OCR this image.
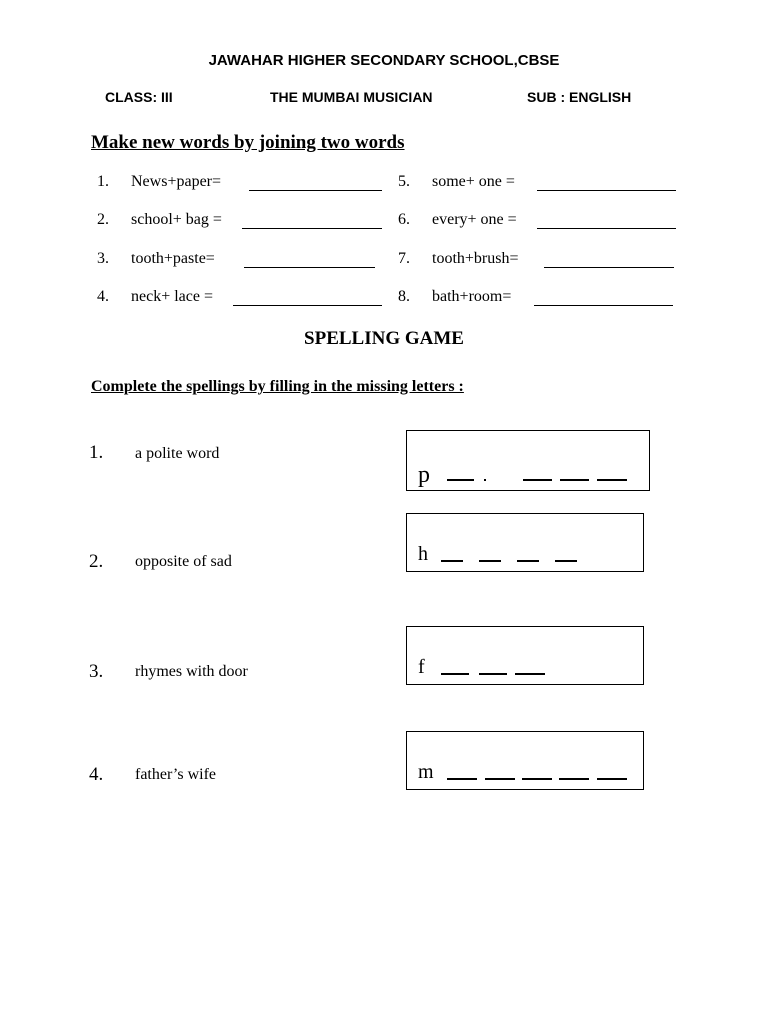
JAWAHAR HIGHER SECONDARY SCHOOL,CBSE
CLASS: III	THE MUMBAI MUSICIAN	SUB : ENGLISH
Make new words by joining two words
1. News+paper=
2. school+ bag =
3. tooth+paste=
4. neck+ lace =
5. some+ one =
6. every+ one =
7. tooth+brush=
8. bath+room=
SPELLING GAME
Complete the spellings by filling in the missing letters :
1. a polite word
p
2. opposite of sad	h
3. rhymes with door	f
4. father’s wife	m
